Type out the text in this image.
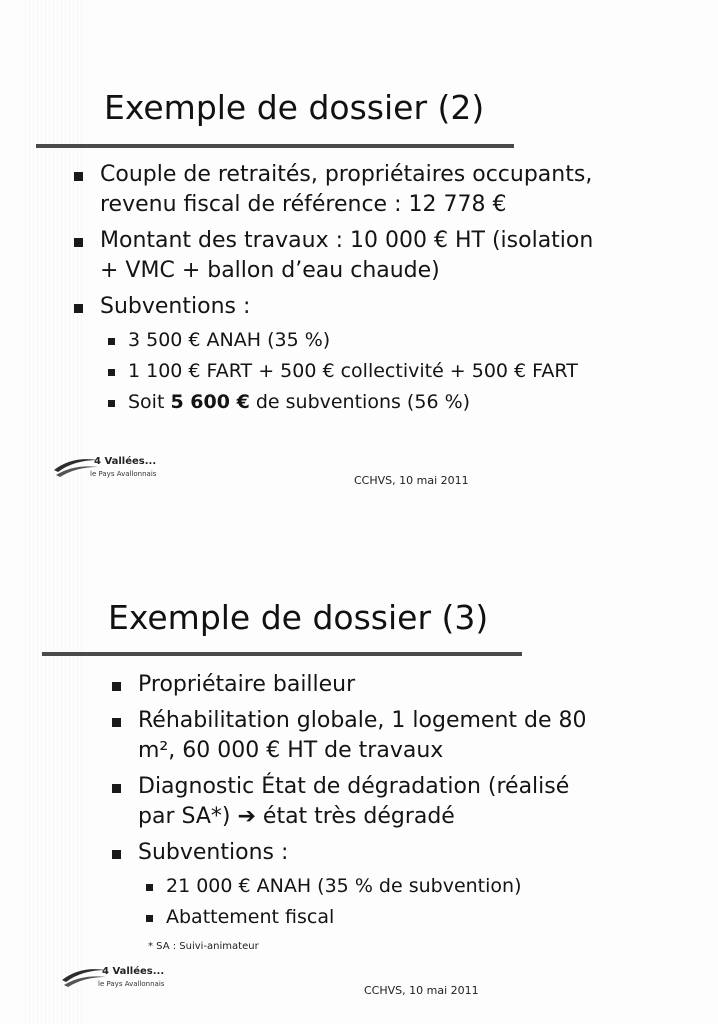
Exemple de dossier (2)
Couple de retraités, propriétaires occupants,
revenu fiscal de référence : 12 778 €
Montant des travaux : 10 000 € HT (isolation
+ VMC + ballon d’eau chaude)
Subventions :
3 500 € ANAH (35 %)
1 100 € FART + 500 € collectivité + 500 € FART
Soit 5 600 € de subventions (56 %)
4 Vallées...
le Pays Avallonnais	CCHVS, 10 mai 2011
Exemple de dossier (3)
Propriétaire bailleur
Réhabilitation globale, 1 logement de 80
m², 60 000 € HT de travaux
Diagnostic État de dégradation (réalisé
par SA*) ➔ état très dégradé
Subventions :
21 000 € ANAH (35 % de subvention)
Abattement fiscal
* SA : Suivi-animateur
4 Vallées...
le Pays Avallonnais	CCHVS, 10 mai 2011
